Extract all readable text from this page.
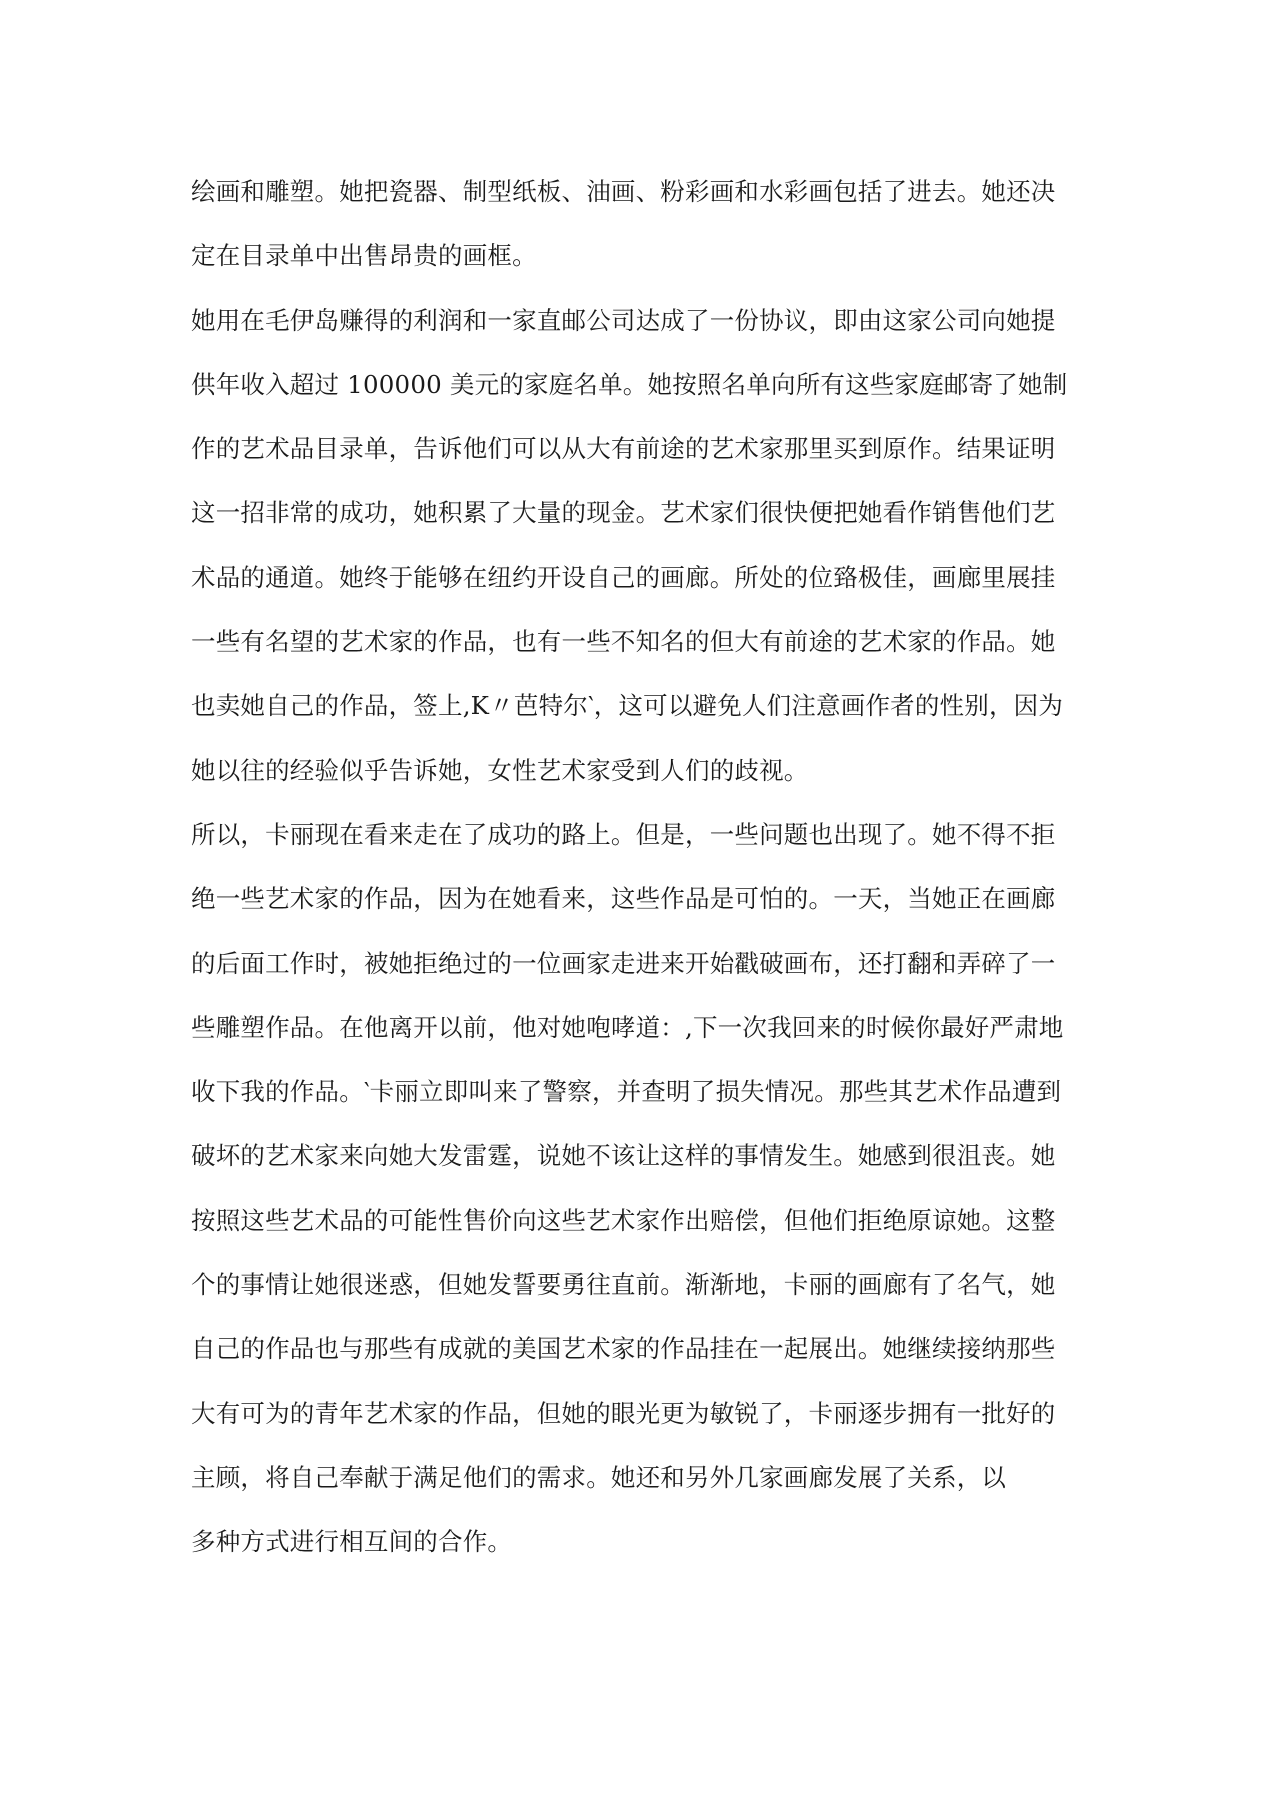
绘画和雕塑。她把瓷器、制型纸板、油画、粉彩画和水彩画包括了进去。她还决
定在目录单中出售昂贵的画框。
她用在毛伊岛赚得的利润和一家直邮公司达成了一份协议，即由这家公司向她提
供年收入超过 100000 美元的家庭名单。她按照名单向所有这些家庭邮寄了她制
作的艺术品目录单，告诉他们可以从大有前途的艺术家那里买到原作。结果证明
这一招非常的成功，她积累了大量的现金。艺术家们很快便把她看作销售他们艺
术品的通道。她终于能够在纽约开设自己的画廊。所处的位臵极佳，画廊里展挂
一些有名望的艺术家的作品，也有一些不知名的但大有前途的艺术家的作品。她
也卖她自己的作品，签上,K〃芭特尔‵，这可以避免人们注意画作者的性别，因为
她以往的经验似乎告诉她，女性艺术家受到人们的歧视。
所以，卡丽现在看来走在了成功的路上。但是，一些问题也出现了。她不得不拒
绝一些艺术家的作品，因为在她看来，这些作品是可怕的。一天，当她正在画廊
的后面工作时，被她拒绝过的一位画家走进来开始戳破画布，还打翻和弄碎了一
些雕塑作品。在他离开以前，他对她咆哮道：,下一次我回来的时候你最好严肃地
收下我的作品。‵卡丽立即叫来了警察，并查明了损失情况。那些其艺术作品遭到
破坏的艺术家来向她大发雷霆，说她不该让这样的事情发生。她感到很沮丧。她
按照这些艺术品的可能性售价向这些艺术家作出赔偿，但他们拒绝原谅她。这整
个的事情让她很迷惑，但她发誓要勇往直前。渐渐地，卡丽的画廊有了名气，她
自己的作品也与那些有成就的美国艺术家的作品挂在一起展出。她继续接纳那些
大有可为的青年艺术家的作品，但她的眼光更为敏锐了，卡丽逐步拥有一批好的
主顾，将自己奉献于满足他们的需求。她还和另外几家画廊发展了关系，以
多种方式进行相互间的合作。
